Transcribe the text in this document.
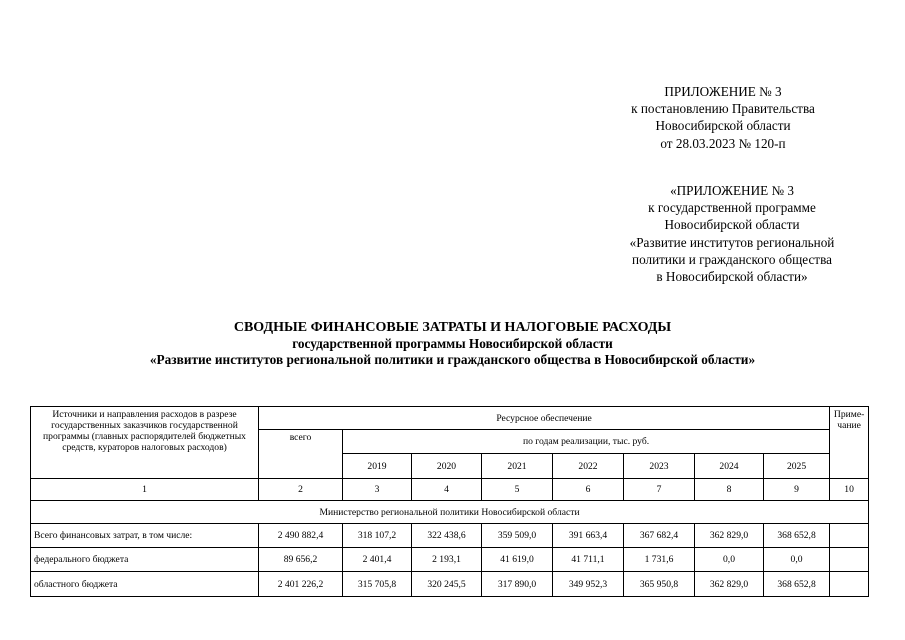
ПРИЛОЖЕНИЕ № 3
к постановлению Правительства
Новосибирской области
от 28.03.2023 № 120-п
«ПРИЛОЖЕНИЕ № 3
к государственной программе
Новосибирской области
«Развитие институтов региональной
политики и гражданского общества
в Новосибирской области»
СВОДНЫЕ ФИНАНСОВЫЕ ЗАТРАТЫ И НАЛОГОВЫЕ РАСХОДЫ
государственной программы Новосибирской области
«Развитие институтов региональной политики и гражданского общества в Новосибирской области»
Источники и направления расходов в разрезе государственных заказчиков государственной программы (главных распорядителей бюджетных средств, кураторов налоговых расходов)	Ресурсное обеспечение								Приме-чание
	всего	по годам реализации, тыс. руб.							
		2019	2020	2021	2022	2023	2024	2025	
1	2	3	4	5	6	7	8	9	10
Министерство региональной политики Новосибирской области									
Всего финансовых затрат, в том числе:	2 490 882,4	318 107,2	322 438,6	359 509,0	391 663,4	367 682,4	362 829,0	368 652,8	
федерального бюджета	89 656,2	2 401,4	2 193,1	41 619,0	41 711,1	1 731,6	0,0	0,0	
областного бюджета	2 401 226,2	315 705,8	320 245,5	317 890,0	349 952,3	365 950,8	362 829,0	368 652,8	
